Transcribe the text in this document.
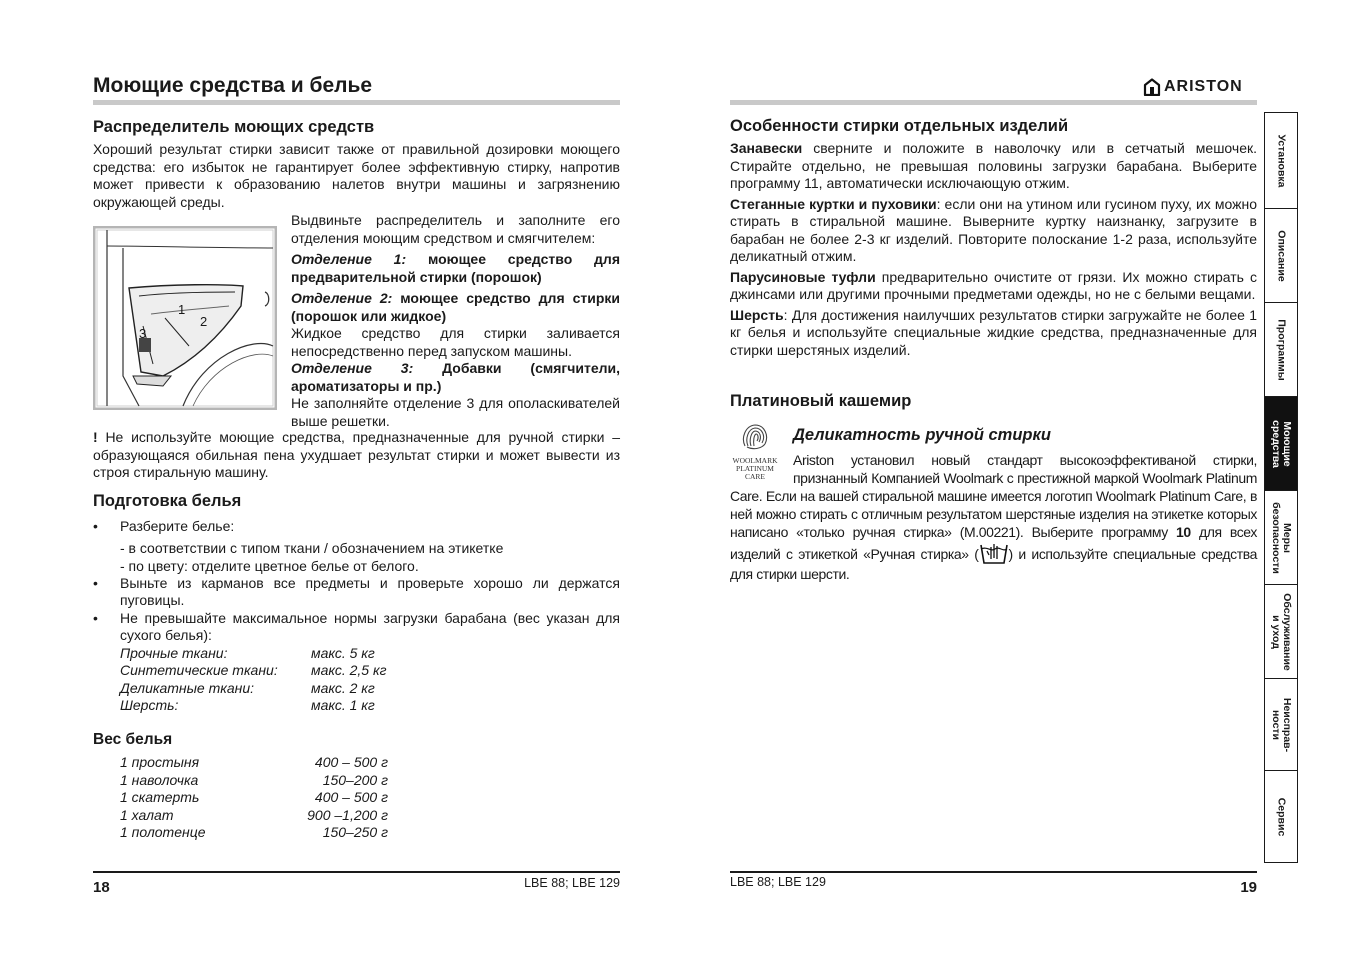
Моющие средства и белье
Распределитель моющих средств

Хороший результат стирки зависит также от правильной дозировки моющего средства: его избыток не гарантирует более эффективную стирку, напротив может привести к образованию налетов внутри машины и загрязнению окружающей среды.

1
2
3

Выдвиньте распределитель и заполните его отделения моющим средством и смягчителем:

Отделение 1: моющее средство для предварительной стирки (порошок)

Отделение 2: моющее средство для стирки (порошок или жидкое)

Жидкое средство для стирки заливается непосредственно перед запуском машины.

Отделение 3: Добавки (смягчители, ароматизаторы и пр.)

Не заполняйте отделение 3 для ополаскивателей выше решетки.

! Не используйте моющие средства, предназначенные для ручной стирки – образующаяся обильная пена ухудшает результат стирки и может вывести из строя стиральную машину.

Подготовка белья
•	Разберите белье:
- в соответствии с типом ткани / обозначением на этикетке
- по цвету: отделите цветное белье от белого.
•	Выньте из карманов все предметы и проверьте хорошо ли держатся пуговицы.
•	Не превышайте максимальное нормы загрузки барабана (вес указан для сухого белья):
Прочные ткани:	макс. 5 кг
Синтетические ткани:	макс. 2,5 кг
Деликатные ткани:	макс. 2 кг
Шерсть:	макс. 1 кг
Вес белья
1 простыня	400 – 500 г
1 наволочка	150–200 г
1 скатерть	400 – 500 г
1 халат	900 –1,200 г
1 полотенце	150–250 г
18	LBE 88; LBE 129
ARISTON
Особенности стирки отдельных изделий

Занавески сверните и положите в наволочку или в сетчатый мешочек. Стирайте отдельно, не превышая половины загрузки барабана. Выберите программу 11, автоматически исключающую отжим.

Стеганные куртки и пуховики: если они на утином или гусином пуху, их можно стирать в стиральной машине. Выверните куртку наизнанку, загрузите в барабан не более 2-3 кг изделий. Повторите полоскание 1-2 раза, используйте деликатный отжим.

Парусиновые туфли предварительно очистите от грязи. Их можно стирать с джинсами или другими прочными предметами одежды, но не с белыми вещами.

Шерсть: Для достижения наилучших результатов стирки загружайте не более 1 кг белья и используйте специальные жидкие средства, предназначенные для стирки шерстяных изделий.

Платиновый кашемир
WOOLMARK
PLATINUM
CARE
Деликатность ручной стирки
Ariston установил новый стандарт высокоэффективаной стирки, признанный Компанией Woolmark с престижной маркой Woolmark Platinum Care. Если на вашей стиральной машине имеется логотип Woolmark Platinum Care, в ней можно стирать с отличным результатом шерстяные изделия на этикетке которых написано «только ручная стирка» (M.00221). Выберите программу 10 для всех изделий с этикеткой «Ручная стирка» ( ) и используйте специальные средства для стирки шерсти.
LBE 88; LBE 129	19
Установка
Описание
Программы
Моющие
средства
Меры
безопасности
Обслуживание
и уход
Неисправ-
ности
Сервис
